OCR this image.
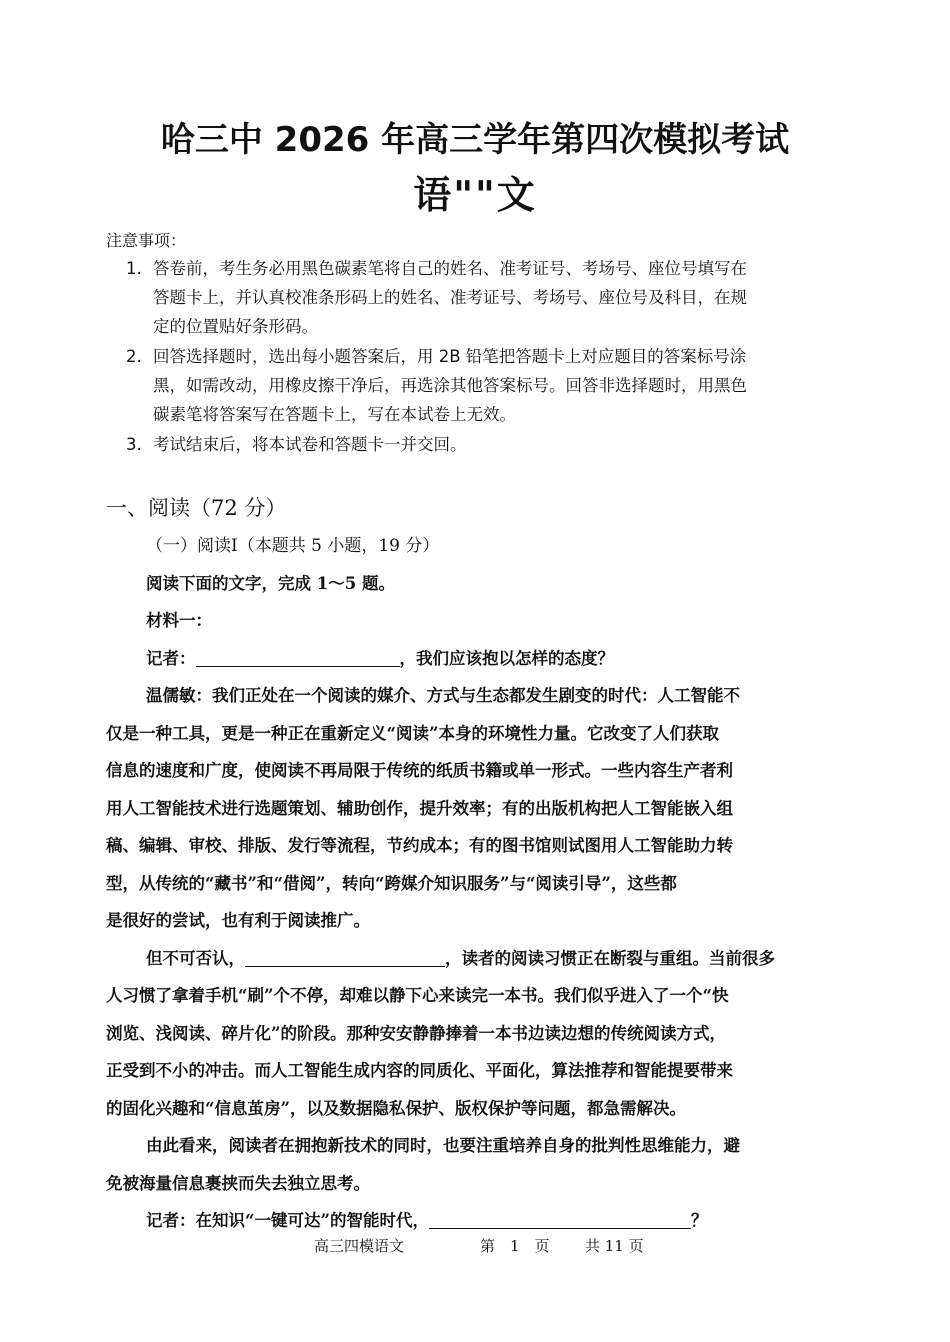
哈三中 2026 年高三学年第四次模拟考试
语""文
注意事项：
1. 答卷前，考生务必用黑色碳素笔将自己的姓名、准考证号、考场号、座位号填写在
答题卡上，并认真校准条形码上的姓名、准考证号、考场号、座位号及科目，在规
定的位置贴好条形码。
2. 回答选择题时，选出每小题答案后，用 2B 铅笔把答题卡上对应题目的答案标号涂
黑，如需改动，用橡皮擦干净后，再选涂其他答案标号。回答非选择题时，用黑色
碳素笔将答案写在答题卡上，写在本试卷上无效。
3. 考试结束后，将本试卷和答题卡一并交回。
一、阅读（72 分）
（一）阅读Ⅰ（本题共 5 小题，19 分）
阅读下面的文字，完成 1～5 题。
材料一：
记者：	，我们应该抱以怎样的态度？
温儒敏：我们正处在一个阅读的媒介、方式与生态都发生剧变的时代：人工智能不
仅是一种工具，更是一种正在重新定义“阅读”本身的环境性力量。它改变了人们获取
信息的速度和广度，使阅读不再局限于传统的纸质书籍或单一形式。一些内容生产者利
用人工智能技术进行选题策划、辅助创作，提升效率；有的出版机构把人工智能嵌入组
稿、编辑、审校、排版、发行等流程，节约成本；有的图书馆则试图用人工智能助力转
型，从传统的“藏书”和“借阅”，转向“跨媒介知识服务”与“阅读引导”，这些都
是很好的尝试，也有利于阅读推广。
但不可否认，	，读者的阅读习惯正在断裂与重组。当前很多
人习惯了拿着手机“刷”个不停，却难以静下心来读完一本书。我们似乎进入了一个“快
浏览、浅阅读、碎片化”的阶段。那种安安静静捧着一本书边读边想的传统阅读方式，
正受到不小的冲击。而人工智能生成内容的同质化、平面化，算法推荐和智能提要带来
的固化兴趣和“信息茧房”，以及数据隐私保护、版权保护等问题，都急需解决。
由此看来，阅读者在拥抱新技术的同时，也要注重培养自身的批判性思维能力，避
免被海量信息裹挟而失去独立思考。
记者：在知识“一键可达”的智能时代，	？
高三四模语文	第 1 页 共 11 页
